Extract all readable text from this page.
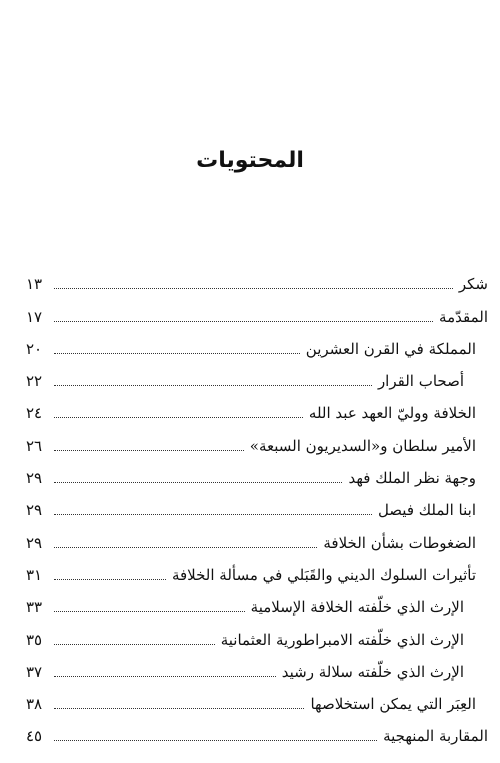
المحتويات
شكر
١٣
المقدّمة
١٧
المملكة في القرن العشرين
٢٠
أصحاب القرار
٢٢
الخلافة ووليّ العهد عبد الله
٢٤
الأمير سلطان و«السديريون السبعة»
٢٦
وجهة نظر الملك فهد
٢٩
ابنا الملك فيصل
٢٩
الضغوطات بشأن الخلافة
٢٩
تأثيرات السلوك الديني والقَبَلي في مسألة الخلافة
٣١
الإرث الذي خلّفته الخلافة الإسلامية
٣٣
الإرث الذي خلّفته الامبراطورية العثمانية
٣٥
الإرث الذي خلّفته سلالة رشيد
٣٧
العِبَر التي يمكن استخلاصها
٣٨
المقاربة المنهجية
٤٥
